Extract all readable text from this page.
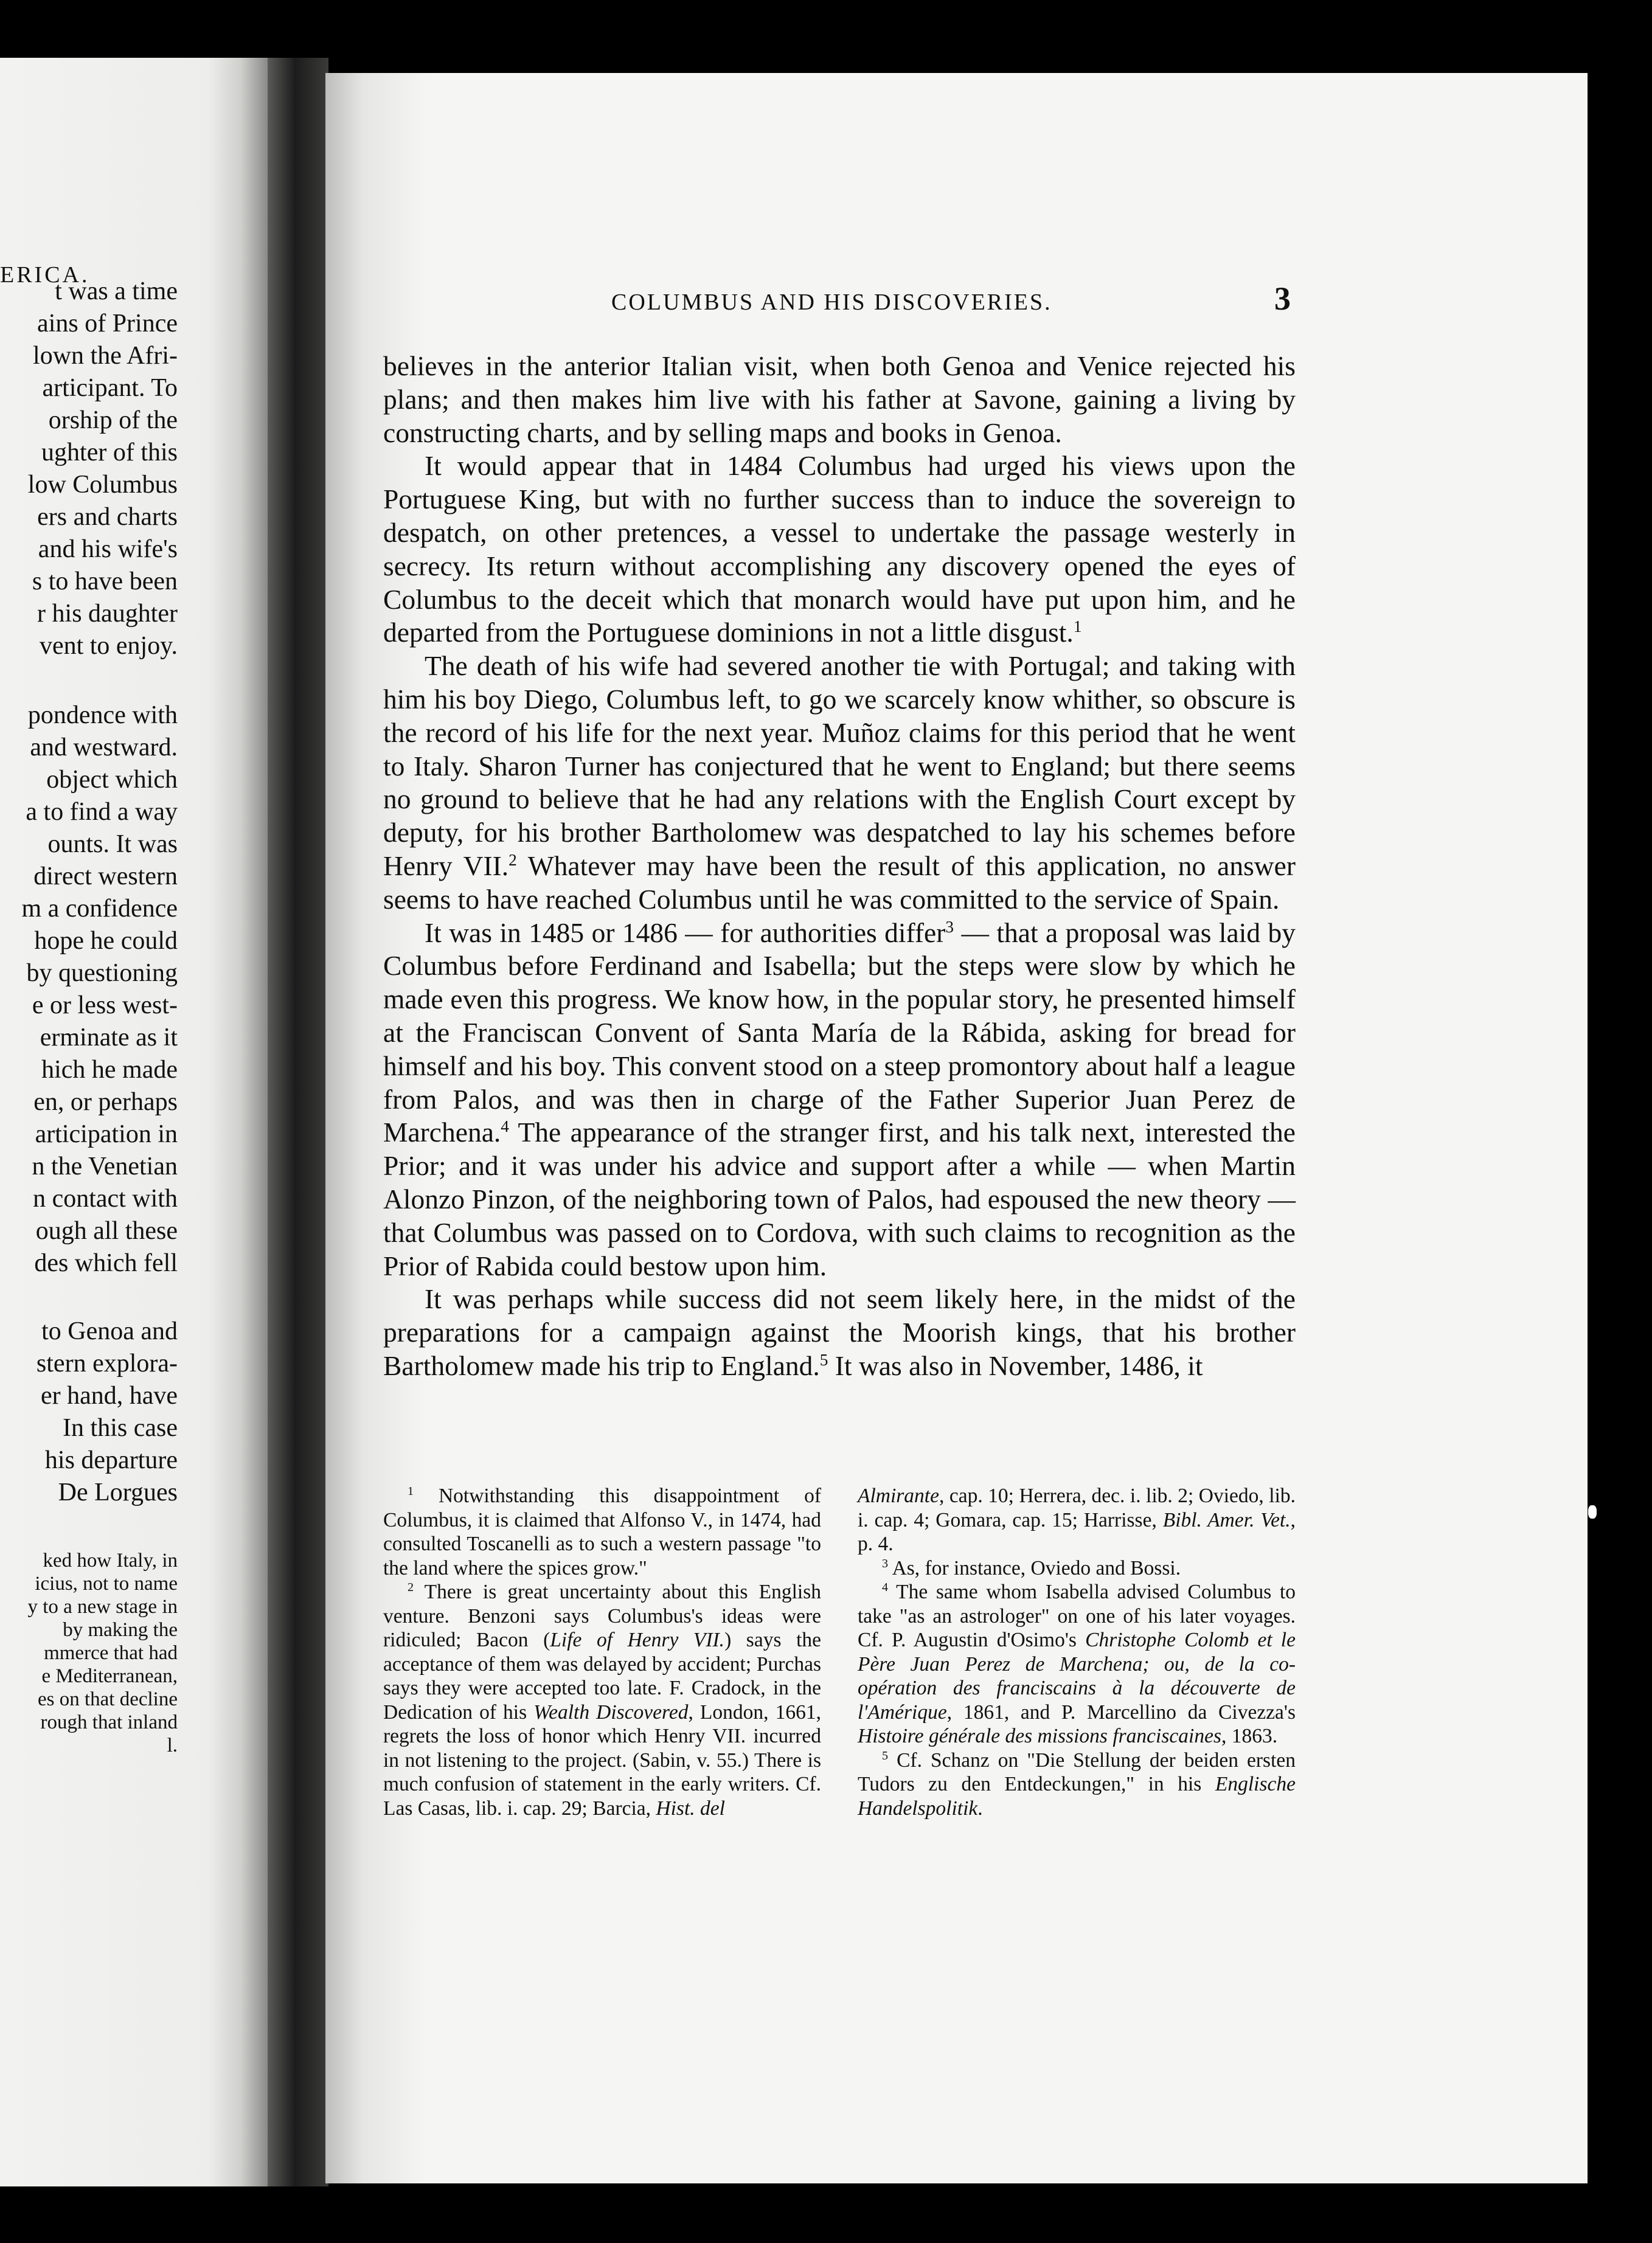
ERICA.
t was a time
ains of Prince
lown the Afri-
articipant. To
orship of the
ughter of this
low Columbus
ers and charts
and his wife's
s to have been
r his daughter
vent to enjoy.
pondence with
and westward.
object which
a to find a way
ounts. It was
direct western
m a confidence
hope he could
by questioning
e or less west-
erminate as it
hich he made
en, or perhaps
articipation in
n the Venetian
n contact with
ough all these
des which fell
to Genoa and
stern explora-
er hand, have
In this case
his departure
De Lorgues
ked how Italy, in
icius, not to name
y to a new stage in
by making the
mmerce that had
e Mediterranean,
es on that decline
rough that inland
l.
COLUMBUS AND HIS DISCOVERIES.	3

believes in the anterior Italian visit, when both Genoa and Venice rejected his plans; and then makes him live with his father at Savone, gaining a living by constructing charts, and by selling maps and books in Genoa.

It would appear that in 1484 Columbus had urged his views upon the Portuguese King, but with no further success than to induce the sovereign to despatch, on other pretences, a vessel to undertake the passage westerly in secrecy. Its return without accomplishing any discovery opened the eyes of Columbus to the deceit which that monarch would have put upon him, and he departed from the Portuguese dominions in not a little disgust.$^1$

The death of his wife had severed another tie with Portugal; and taking with him his boy Diego, Columbus left, to go we scarcely know whither, so obscure is the record of his life for the next year. Muñoz claims for this period that he went to Italy. Sharon Turner has conjectured that he went to England; but there seems no ground to believe that he had any relations with the English Court except by deputy, for his brother Bartholomew was despatched to lay his schemes before Henry VII.$^2$ Whatever may have been the result of this application, no answer seems to have reached Columbus until he was committed to the service of Spain.

It was in 1485 or 1486 — for authorities differ$^3$ — that a proposal was laid by Columbus before Ferdinand and Isabella; but the steps were slow by which he made even this progress. We know how, in the popular story, he presented himself at the Franciscan Convent of Santa María de la Rábida, asking for bread for himself and his boy. This convent stood on a steep promontory about half a league from Palos, and was then in charge of the Father Superior Juan Perez de Marchena.$^4$ The appearance of the stranger first, and his talk next, interested the Prior; and it was under his advice and support after a while — when Martin Alonzo Pinzon, of the neighboring town of Palos, had espoused the new theory — that Columbus was passed on to Cordova, with such claims to recognition as the Prior of Rabida could bestow upon him.

It was perhaps while success did not seem likely here, in the midst of the preparations for a campaign against the Moorish kings, that his brother Bartholomew made his trip to England.$^5$ It was also in November, 1486, it

$^1$ Notwithstanding this disappointment of Columbus, it is claimed that Alfonso V., in 1474, had consulted Toscanelli as to such a western passage "to the land where the spices grow."

$^2$ There is great uncertainty about this English venture. Benzoni says Columbus's ideas were ridiculed; Bacon (Life of Henry VII.) says the acceptance of them was delayed by accident; Purchas says they were accepted too late. F. Cradock, in the Dedication of his Wealth Discovered, London, 1661, regrets the loss of honor which Henry VII. incurred in not listening to the project. (Sabin, v. 55.) There is much confusion of statement in the early writers. Cf. Las Casas, lib. i. cap. 29; Barcia, Hist. del

Almirante, cap. 10; Herrera, dec. i. lib. 2; Oviedo, lib. i. cap. 4; Gomara, cap. 15; Harrisse, Bibl. Amer. Vet., p. 4.

$^3$ As, for instance, Oviedo and Bossi.

$^4$ The same whom Isabella advised Columbus to take "as an astrologer" on one of his later voyages. Cf. P. Augustin d'Osimo's Christophe Colomb et le Père Juan Perez de Marchena; ou, de la co-opération des franciscains à la découverte de l'Amérique, 1861, and P. Marcellino da Civezza's Histoire générale des missions franciscaines, 1863.

$^5$ Cf. Schanz on "Die Stellung der beiden ersten Tudors zu den Entdeckungen," in his Englische Handelspolitik.
